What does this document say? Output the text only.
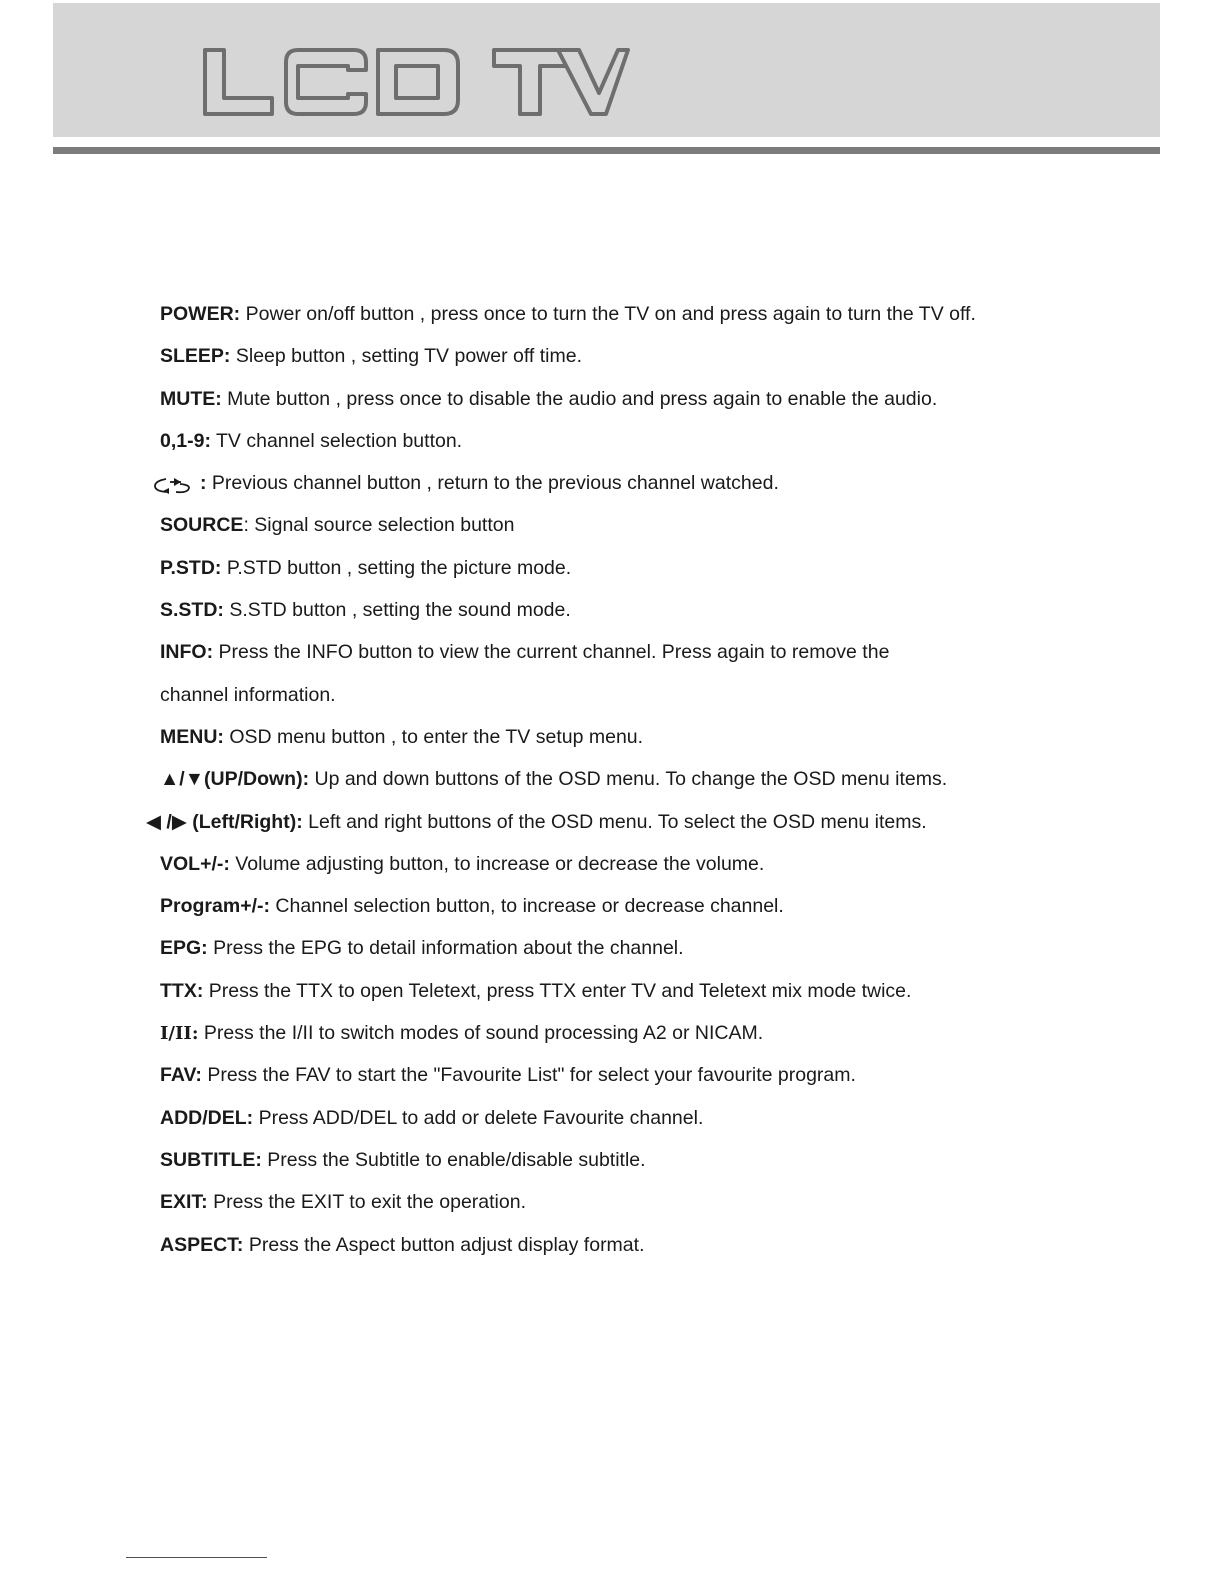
LCD TV
POWER: Power on/off button , press once to turn the TV on and press again to turn the TV off.
SLEEP: Sleep button , setting TV power off time.
MUTE: Mute button , press once to disable the audio and press again to enable the audio.
0,1-9: TV channel selection button.
: Previous channel button , return to the previous channel watched.
SOURCE: Signal source selection button
P.STD: P.STD button , setting the picture mode.
S.STD: S.STD button , setting the sound mode.
INFO: Press the INFO button to view the current channel. Press again to remove the
channel information.
MENU: OSD menu button , to enter the TV setup menu.
▲/▼(UP/Down): Up and down buttons of the OSD menu. To change the OSD menu items.
◀ /▶ (Left/Right): Left and right buttons of the OSD menu. To select the OSD menu items.
VOL+/-: Volume adjusting button, to increase or decrease the volume.
Program+/-: Channel selection button, to increase or decrease channel.
EPG: Press the EPG to detail information about the channel.
TTX: Press the TTX to open Teletext, press TTX enter TV and Teletext mix mode twice.
I/II: Press the I/II to switch modes of sound processing A2 or NICAM.
FAV: Press the FAV to start the "Favourite List" for select your favourite program.
ADD/DEL: Press ADD/DEL to add or delete Favourite channel.
SUBTITLE: Press the Subtitle to enable/disable subtitle.
EXIT: Press the EXIT to exit the operation.
ASPECT: Press the Aspect button adjust display format.
